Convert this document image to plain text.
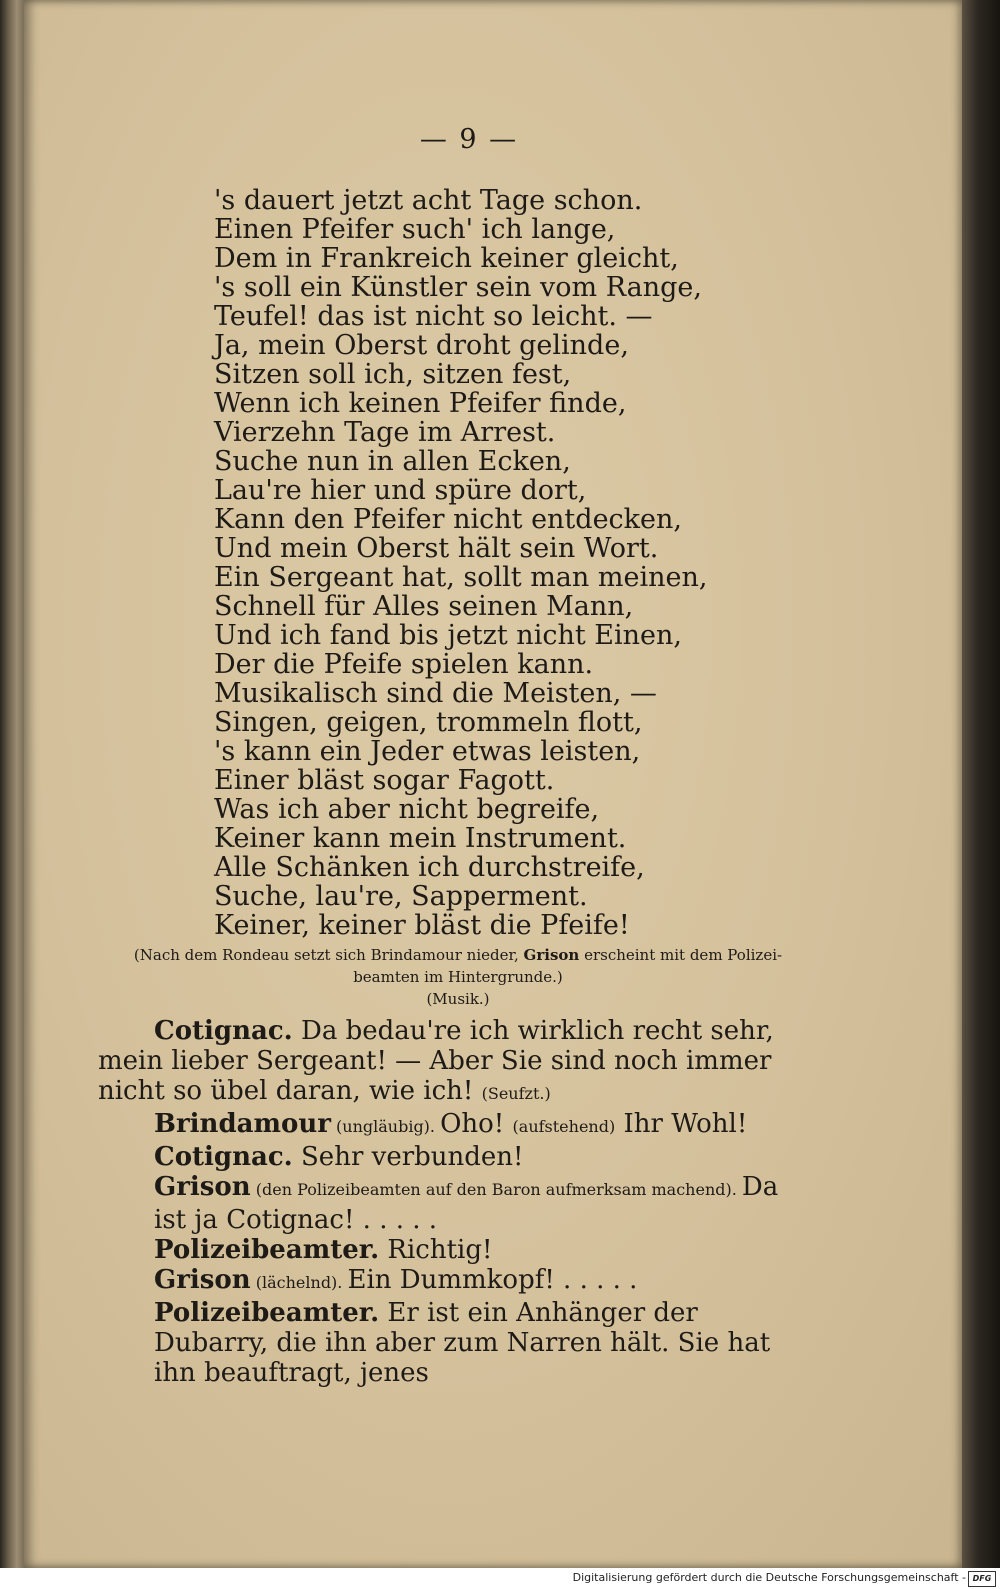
— 9 —
's dauert jetzt acht Tage schon.
Einen Pfeifer such' ich lange,
Dem in Frankreich keiner gleicht,
's soll ein Künstler sein vom Range,
Teufel! das ist nicht so leicht. —
Ja, mein Oberst droht gelinde,
Sitzen soll ich, sitzen fest,
Wenn ich keinen Pfeifer finde,
Vierzehn Tage im Arrest.
Suche nun in allen Ecken,
Lau're hier und spüre dort,
Kann den Pfeifer nicht entdecken,
Und mein Oberst hält sein Wort.
Ein Sergeant hat, sollt man meinen,
Schnell für Alles seinen Mann,
Und ich fand bis jetzt nicht Einen,
Der die Pfeife spielen kann.
Musikalisch sind die Meisten, —
Singen, geigen, trommeln flott,
's kann ein Jeder etwas leisten,
Einer bläst sogar Fagott.
Was ich aber nicht begreife,
Keiner kann mein Instrument.
Alle Schänken ich durchstreife,
Suche, lau're, Sapperment.
Keiner, keiner bläst die Pfeife!
(Nach dem Rondeau setzt sich Brindamour nieder, Grison erscheint mit dem Polizei-
beamten im Hintergrunde.)
(Musik.)

Cotignac. Da bedau're ich wirklich recht sehr, mein lieber Sergeant! — Aber Sie sind noch immer nicht so übel daran, wie ich! (Seufzt.)

Brindamour (ungläubig). Oho! (aufstehend) Ihr Wohl!

Cotignac. Sehr verbunden!

Grison (den Polizeibeamten auf den Baron aufmerksam machend). Da ist ja Cotignac! . . . . .

Polizeibeamter. Richtig!

Grison (lächelnd). Ein Dummkopf! . . . . .

Polizeibeamter. Er ist ein Anhänger der Dubarry, die ihn aber zum Narren hält. Sie hat ihn beauftragt, jenes

Digitalisierung gefördert durch die Deutsche Forschungsgemeinschaft - DFG
